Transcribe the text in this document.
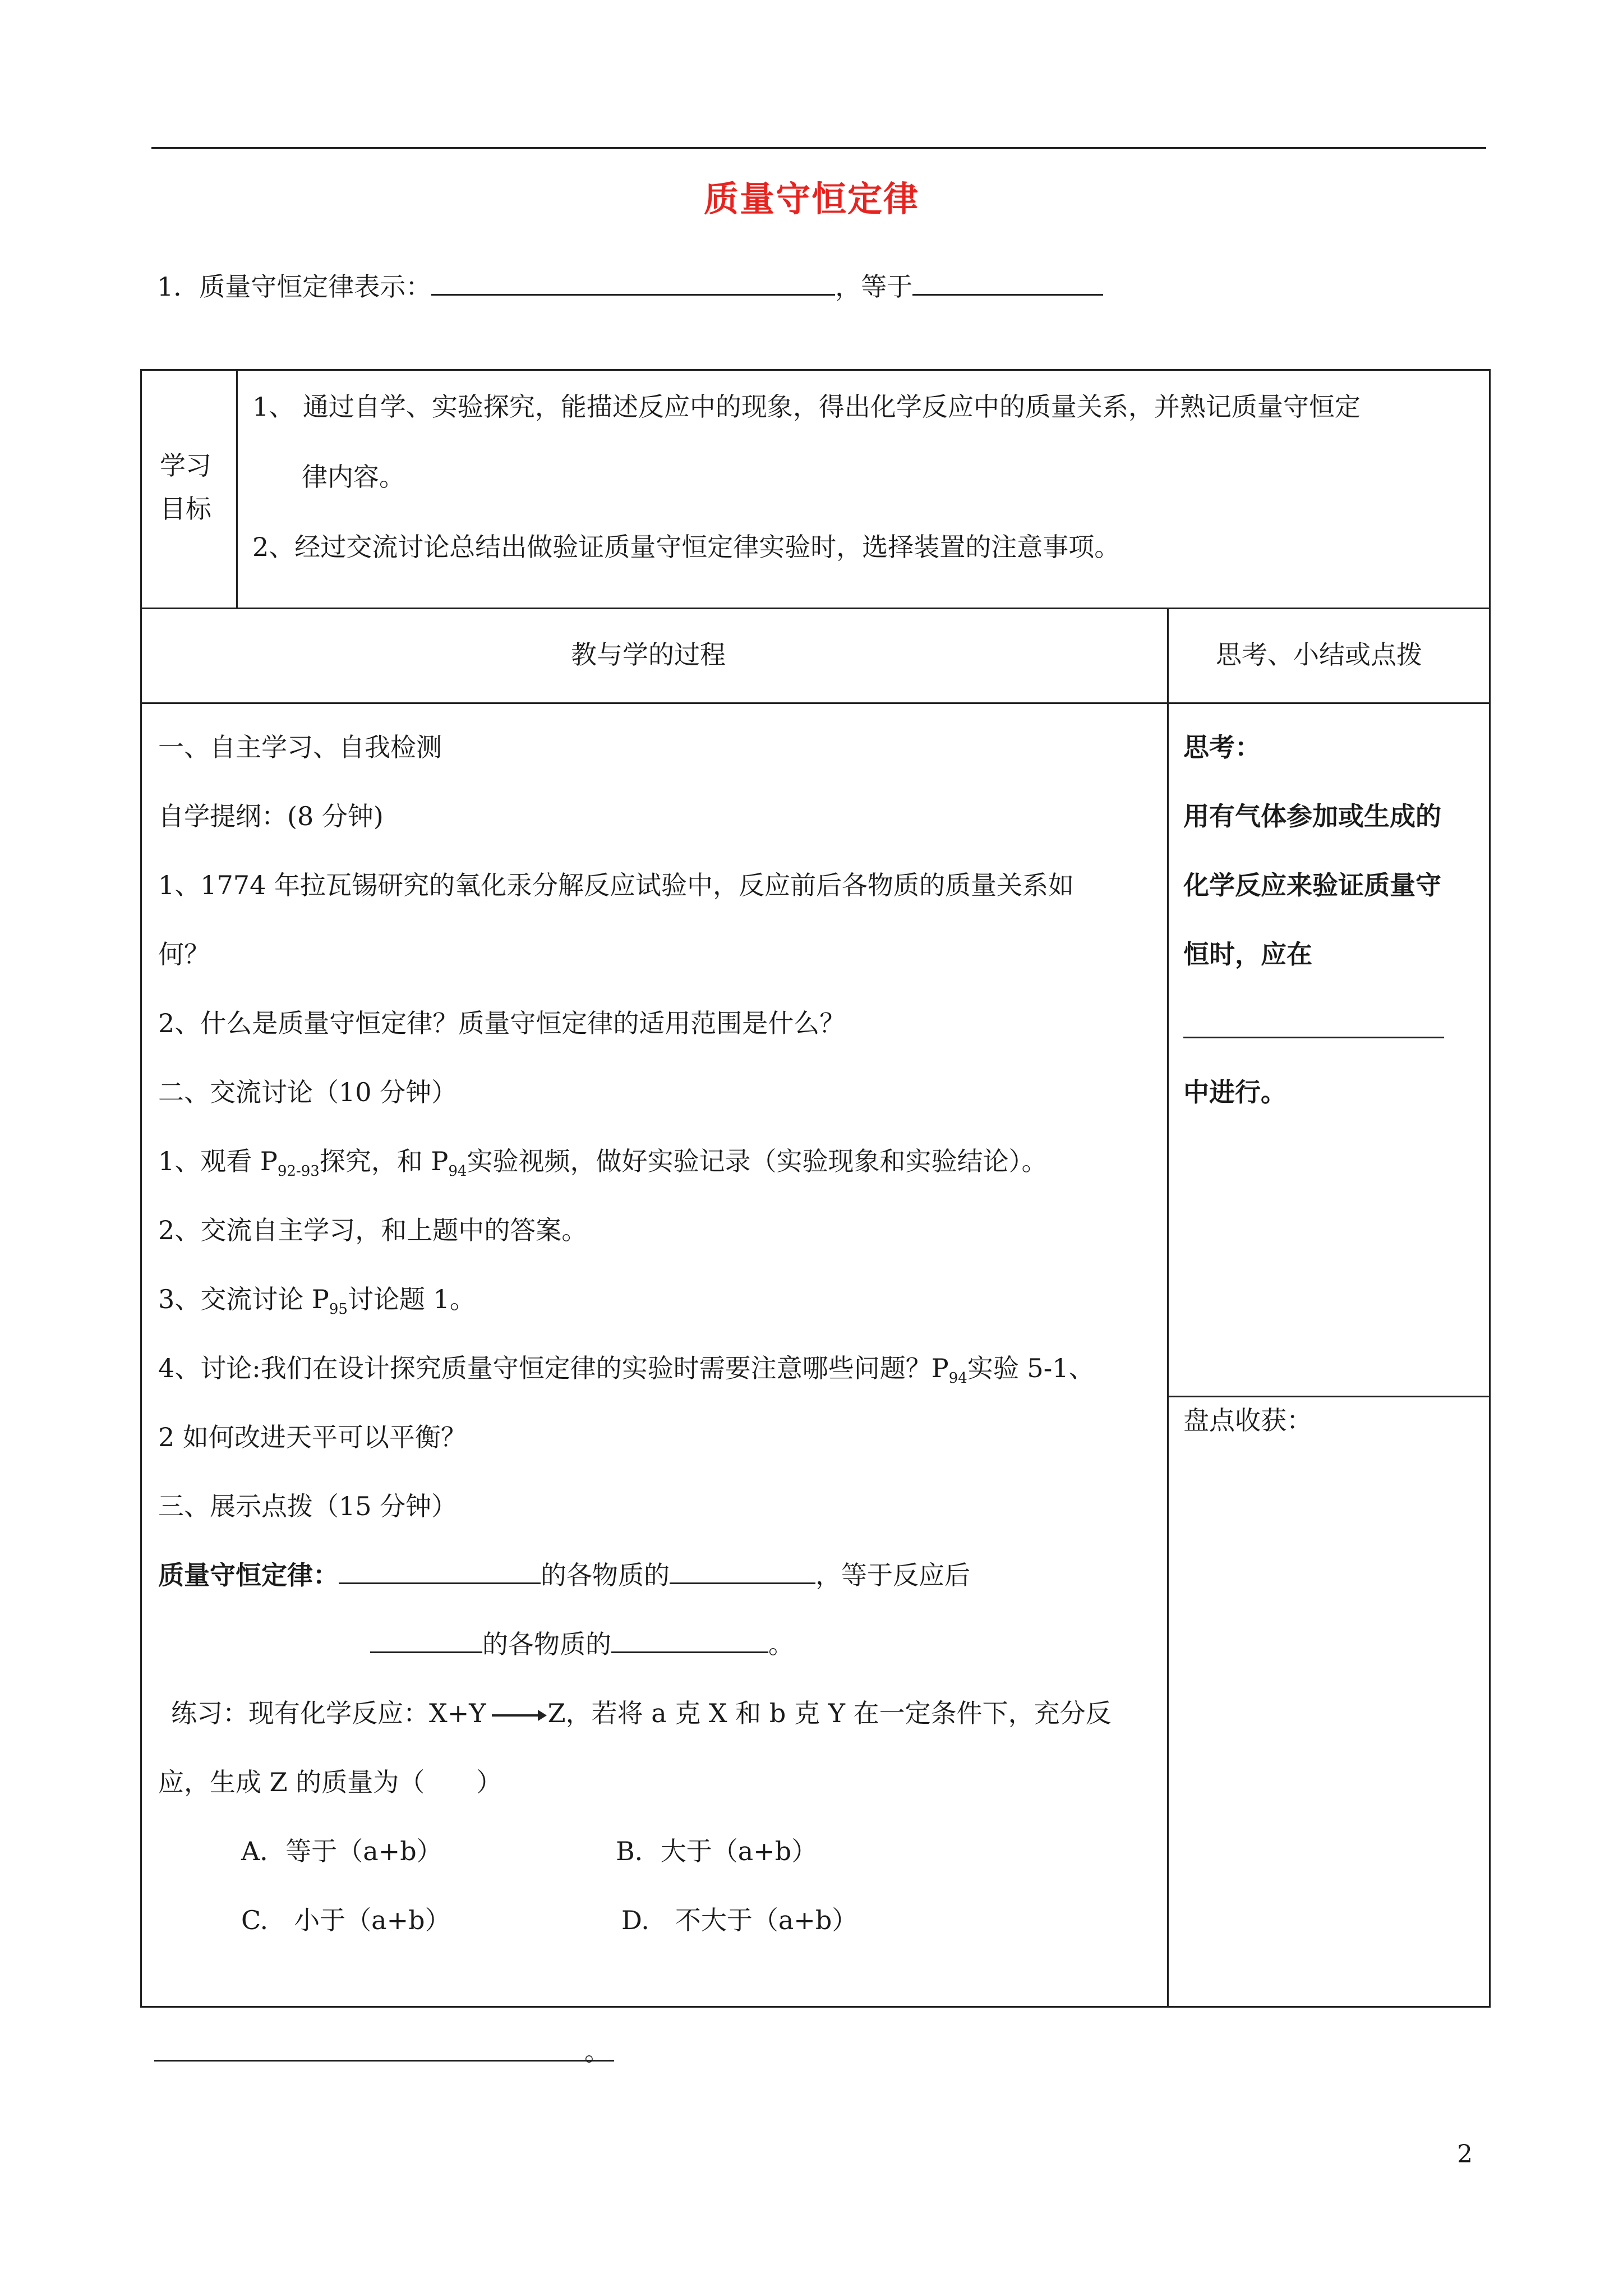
质量守恒定律
1．质量守恒定律表示：	，等于
学习
目标
1、 通过自学、实验探究，能描述反应中的现象，得出化学反应中的质量关系，并熟记质量守恒定
律内容。
2、经过交流讨论总结出做验证质量守恒定律实验时，选择装置的注意事项。
教与学的过程	思考、小结或点拨
一、自主学习、自我检测
自学提纲：(8 分钟)
1、1774 年拉瓦锡研究的氧化汞分解反应试验中，反应前后各物质的质量关系如
何？
2、什么是质量守恒定律？质量守恒定律的适用范围是什么？
二、交流讨论（10 分钟）
1、观看 $P_{92-93}$探究，和 $P_{94}$实验视频，做好实验记录（实验现象和实验结论）。
2、交流自主学习，和上题中的答案。
3、交流讨论 $P_{95}$讨论题 1。
4、讨论:我们在设计探究质量守恒定律的实验时需要注意哪些问题？$P_{94}$实验 5-1、
2 如何改进天平可以平衡？
三、展示点拨（15 分钟）
质量守恒定律：	的各物质的	，等于反应后
的各物质的	。
练习：现有化学反应：X+Y→Z，若将 a 克 X 和 b 克 Y 在一定条件下，充分反
应，生成 Z 的质量为（　　）
A．等于（a+b）	B．大于（a+b）
C.　小于（a+b）	D.　不大于（a+b）
思考：
用有气体参加或生成的
化学反应来验证质量守
恒时，应在
中进行。
盘点收获：
。
2
